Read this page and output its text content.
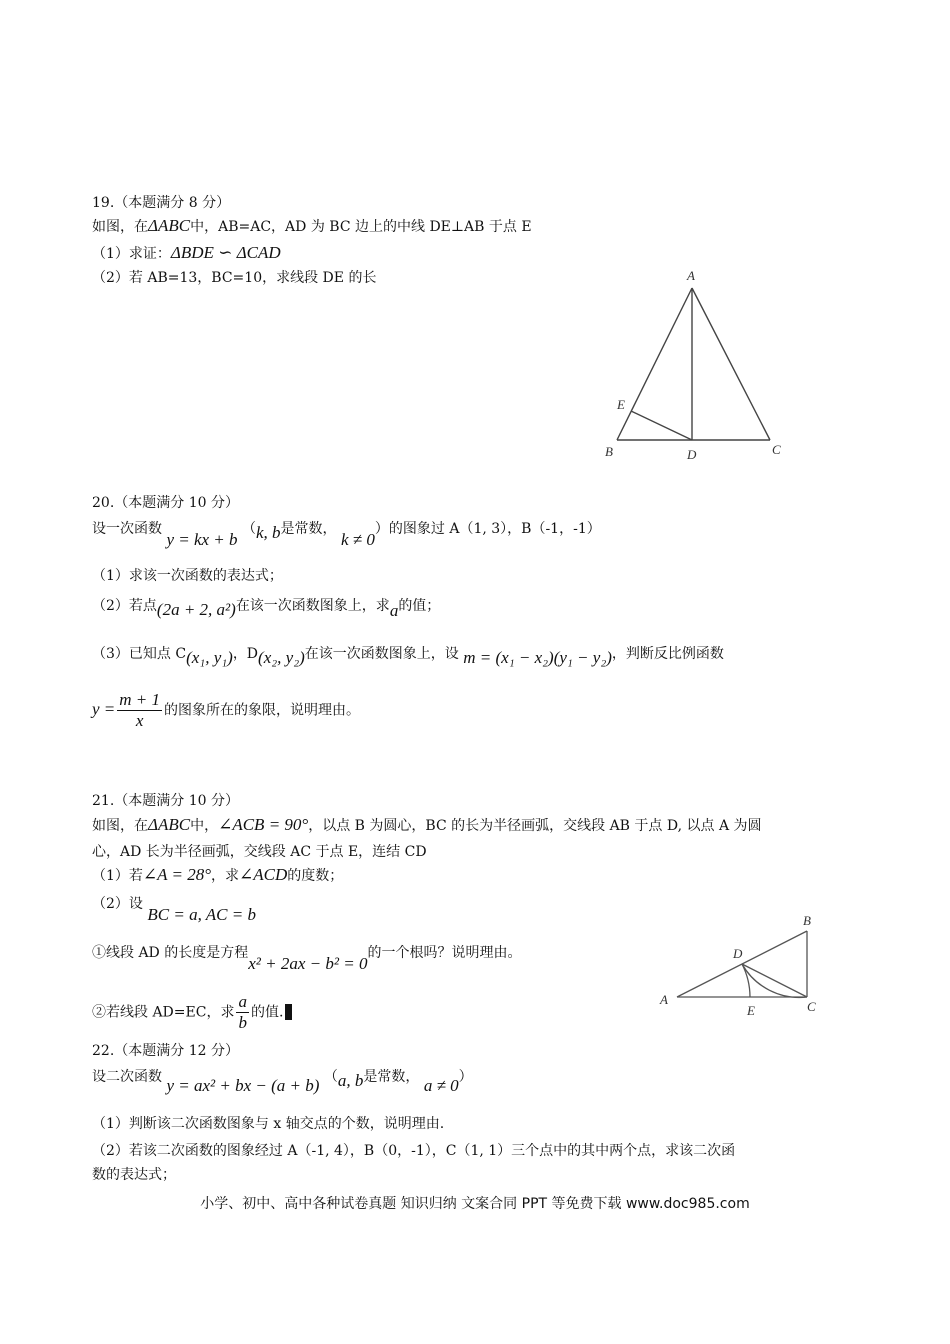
19.（本题满分 8 分）
如图，在ΔABC中，AB=AC，AD 为 BC 边上的中线 DE⊥AB 于点 E
（1）求证：ΔBDE ∽ ΔCAD
（2）若 AB=13，BC=10，求线段 DE 的长	A
B	C
D
E
20.（本题满分 10 分）
设一次函数 y = kx + b （k, b是常数， k ≠ 0）的图象过 A（1, 3），B（-1，-1）
（1）求该一次函数的表达式；
（2）若点(2a + 2, a²)在该一次函数图象上，求a的值；
（3）已知点 C(x₁, y₁)，D(x₂, y₂)在该一次函数图象上，设 m = (x₁ − x₂)(y₁ − y₂)，判断反比例函数
$y = \frac{m + 1}{x}$ 的图象所在的象限，说明理由。
21.（本题满分 10 分）
如图，在ΔABC中，∠ACB = 90°，以点 B 为圆心，BC 的长为半径画弧，交线段 AB 于点 D, 以点 A 为圆
心，AD 长为半径画弧，交线段 AC 于点 E，连结 CD
（1）若∠A = 28°，求∠ACD的度数；
（2）设 BC = a, AC = b
①线段 AD 的长度是方程x² + 2ax − b² = 0的一个根吗？说明理由。
②若线段 AD=EC，求 $\frac{a}{b}$ 的值.
A
B
C
D
E
22.（本题满分 12 分）
设二次函数 y = ax² + bx − (a + b) （a, b是常数， a ≠ 0）
（1）判断该二次函数图象与 x 轴交点的个数，说明理由.
（2）若该二次函数的图象经过 A（-1, 4），B（0，-1），C（1, 1）三个点中的其中两个点，求该二次函
数的表达式；
小学、初中、高中各种试卷真题 知识归纳 文案合同 PPT 等免费下载 www.doc985.com
